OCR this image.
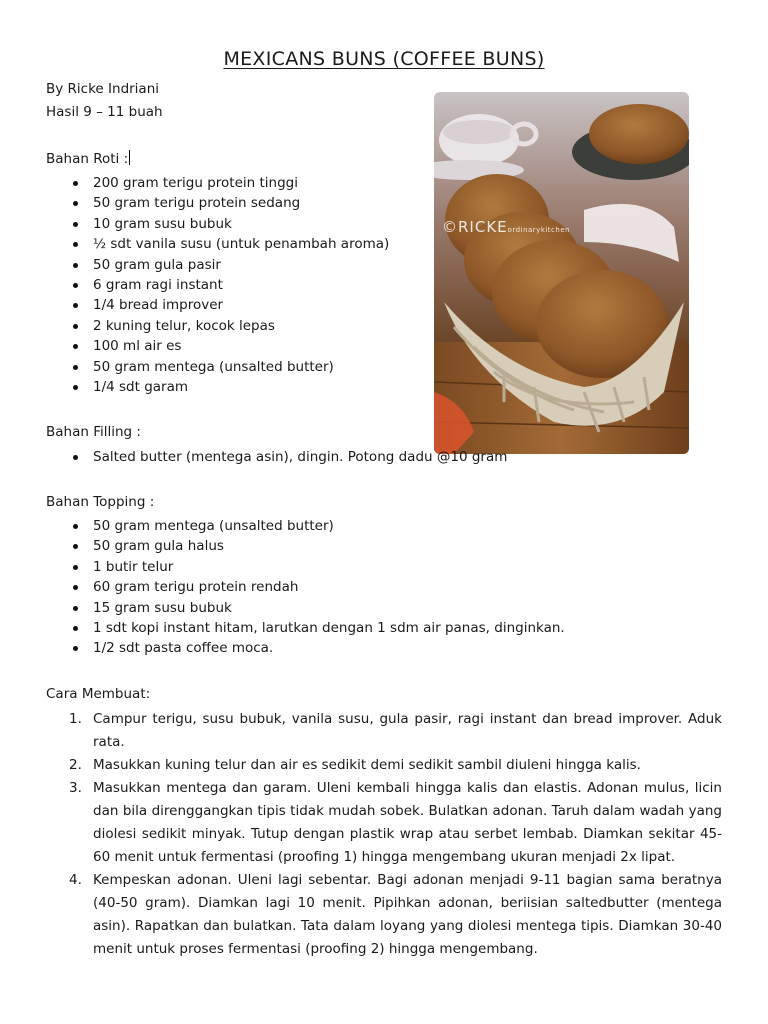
MEXICANS BUNS (COFFEE BUNS)
By Ricke Indriani
Hasil 9 – 11 buah
Bahan Roti :
200 gram terigu protein tinggi
50 gram terigu protein sedang
10 gram susu bubuk
½ sdt vanila susu (untuk penambah aroma)
50 gram gula pasir
6 gram ragi instant
1/4 bread improver
2 kuning telur, kocok lepas
100 ml air es
50 gram mentega (unsalted butter)
1/4 sdt garam
©RICKEordinarykitchen
Bahan Filling :
Salted butter (mentega asin), dingin. Potong dadu @10 gram
Bahan Topping :
50 gram mentega (unsalted butter)
50 gram gula halus
1 butir telur
60 gram terigu protein rendah
15 gram susu bubuk
1 sdt kopi instant hitam, larutkan dengan 1 sdm air panas, dinginkan.
1/2 sdt pasta coffee moca.
Cara Membuat:
1. Campur terigu, susu bubuk, vanila susu, gula pasir, ragi instant dan bread improver. Aduk rata.
2. Masukkan kuning telur dan air es sedikit demi sedikit sambil diuleni hingga kalis.
3. Masukkan mentega dan garam. Uleni kembali hingga kalis dan elastis. Adonan mulus, licin dan bila direnggangkan tipis tidak mudah sobek. Bulatkan adonan. Taruh dalam wadah yang diolesi sedikit minyak. Tutup dengan plastik wrap atau serbet lembab. Diamkan sekitar 45-60 menit untuk fermentasi (proofing 1) hingga mengembang ukuran menjadi 2x lipat.
4. Kempeskan adonan. Uleni lagi sebentar. Bagi adonan menjadi 9-11 bagian sama beratnya (40-50 gram). Diamkan lagi 10 menit. Pipihkan adonan, beriisian saltedbutter (mentega asin). Rapatkan dan bulatkan. Tata dalam loyang yang diolesi mentega tipis. Diamkan 30-40 menit untuk proses fermentasi (proofing 2) hingga mengembang.
